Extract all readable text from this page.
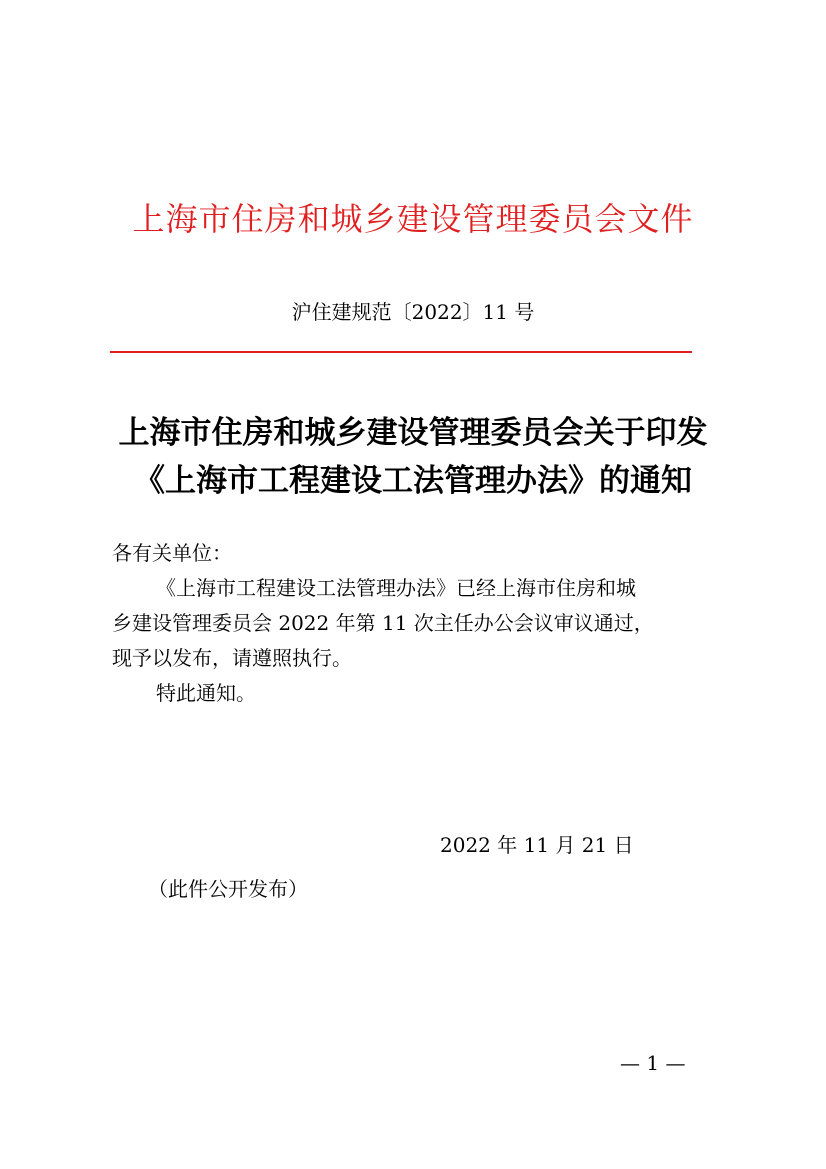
上海市住房和城乡建设管理委员会文件
沪住建规范〔2022〕11 号
上海市住房和城乡建设管理委员会关于印发
《上海市工程建设工法管理办法》的通知
各有关单位：
《上海市工程建设工法管理办法》已经上海市住房和城
乡建设管理委员会 2022 年第 11 次主任办公会议审议通过，
现予以发布，请遵照执行。
特此通知。
2022 年 11 月 21 日
（此件公开发布）
— 1 —
